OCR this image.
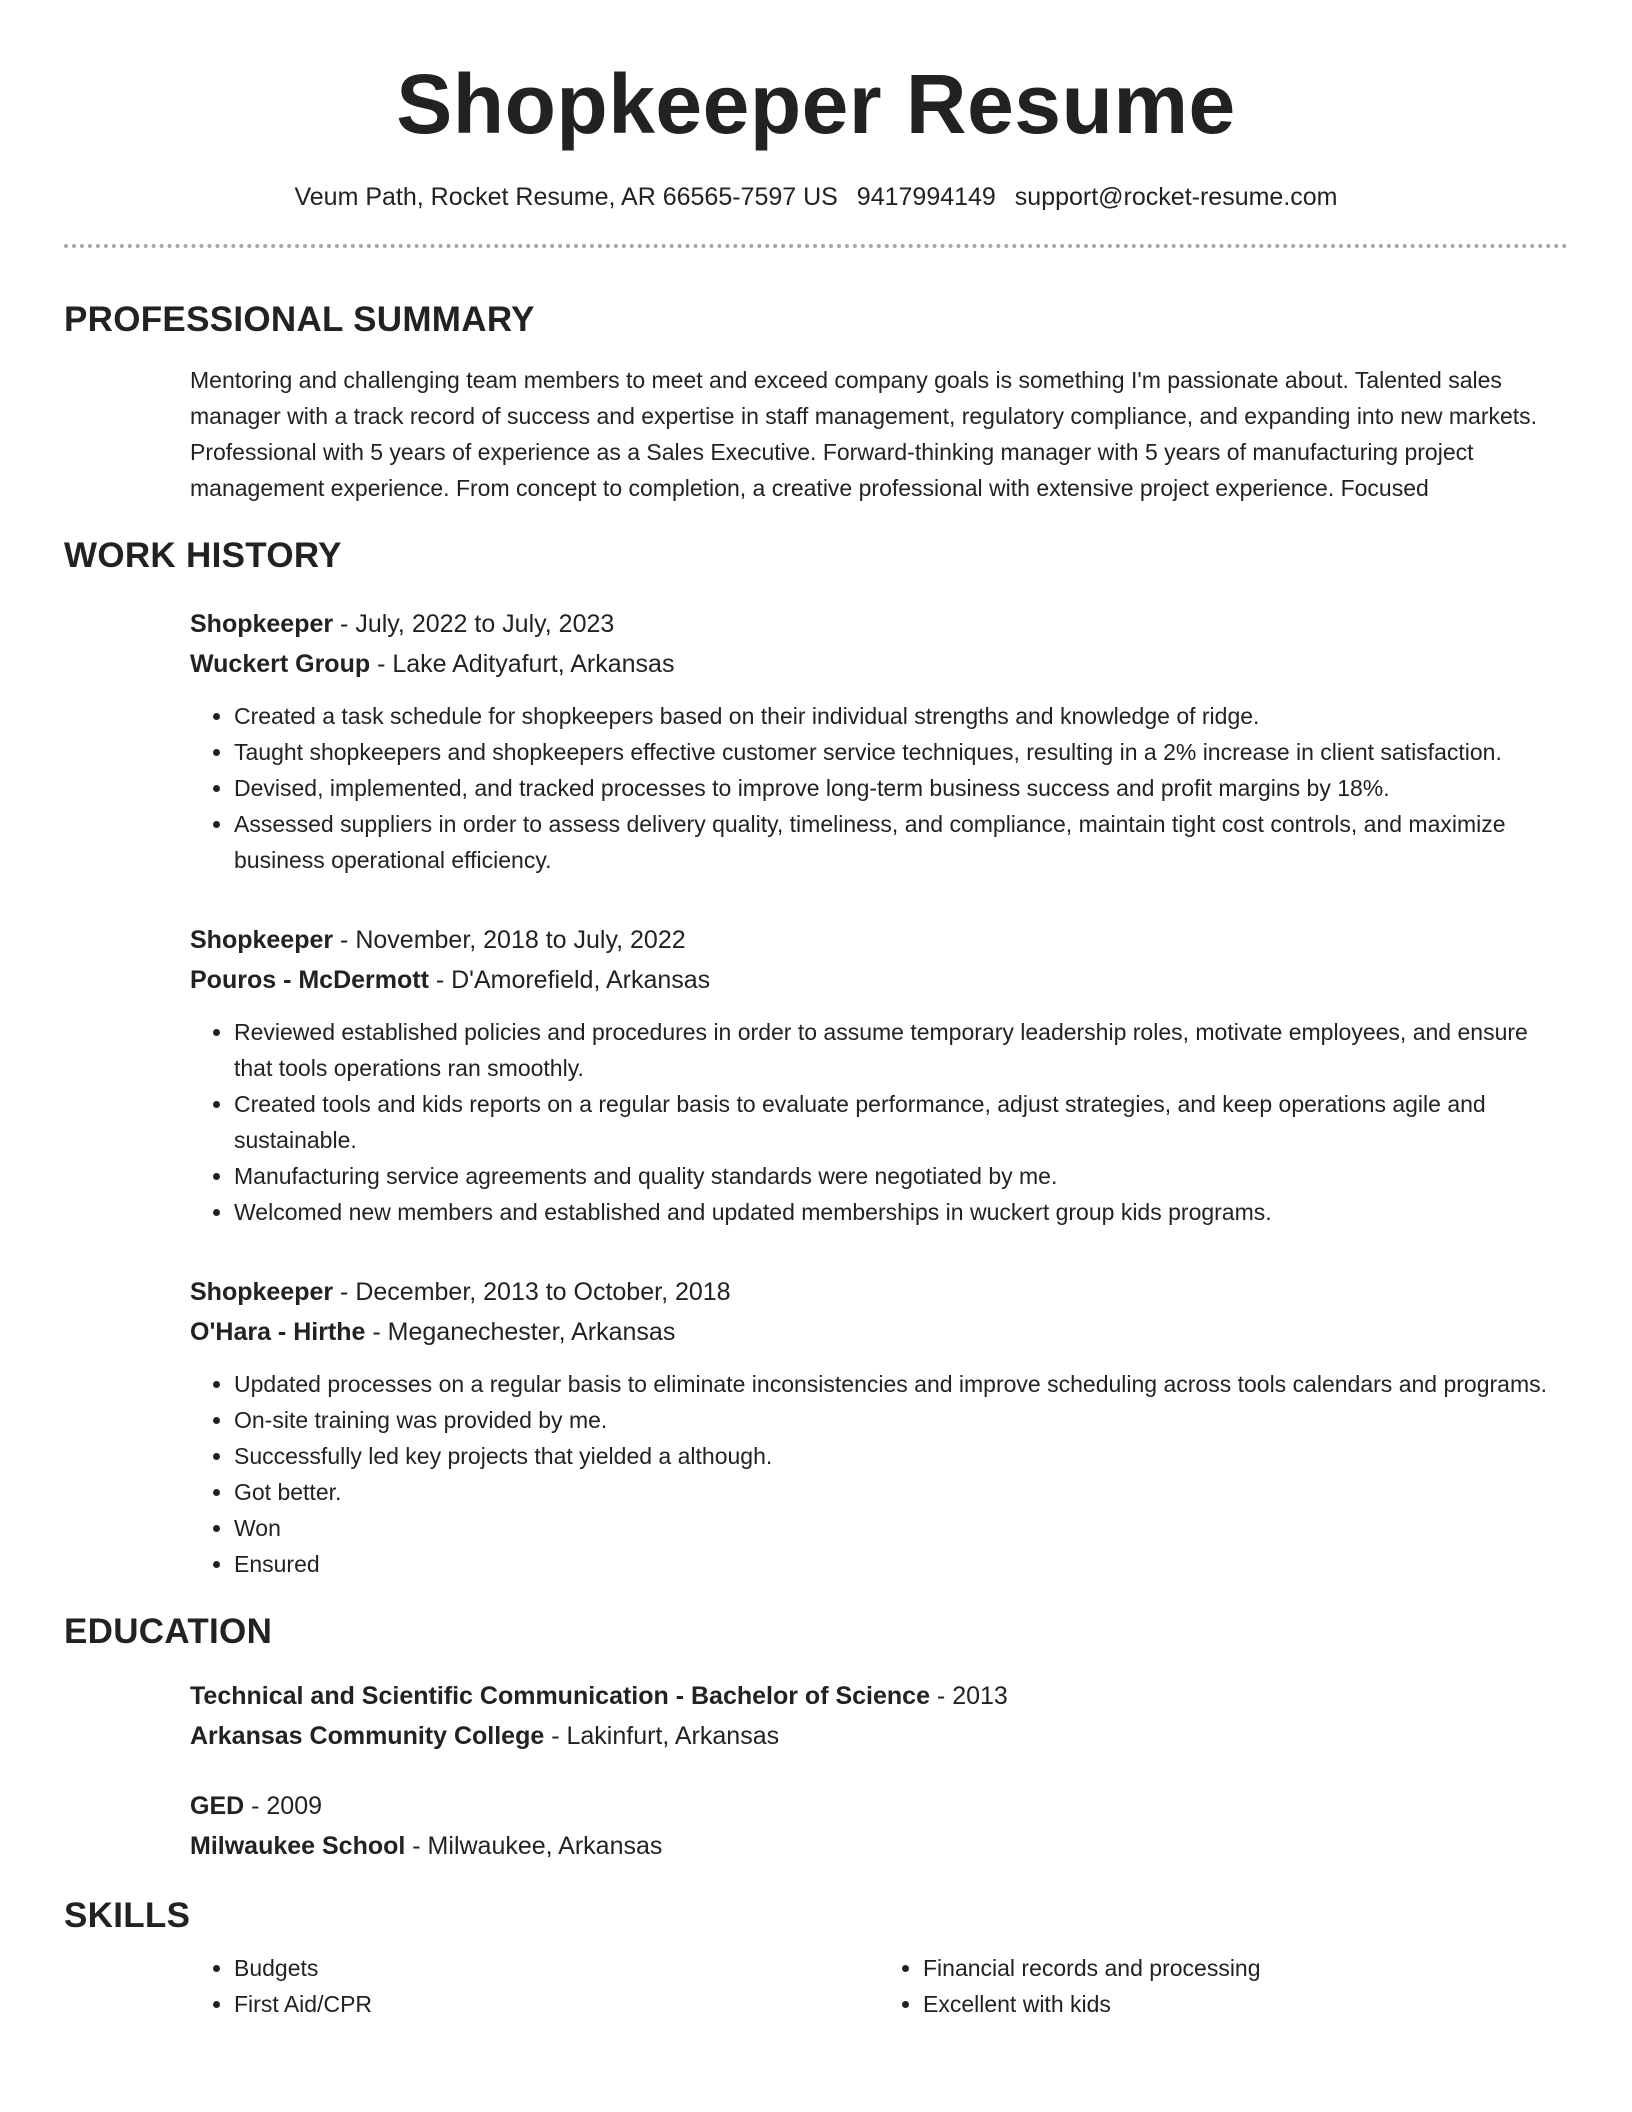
Shopkeeper Resume
Veum Path, Rocket Resume, AR 66565-7597 US 9417994149 support@rocket-resume.com
PROFESSIONAL SUMMARY

Mentoring and challenging team members to meet and exceed company goals is something I'm passionate about. Talented sales manager with a track record of success and expertise in staff management, regulatory compliance, and expanding into new markets. Professional with 5 years of experience as a Sales Executive. Forward-thinking manager with 5 years of manufacturing project management experience. From concept to completion, a creative professional with extensive project experience. Focused

WORK HISTORY
Shopkeeper - July, 2022 to July, 2023
Wuckert Group - Lake Adityafurt, Arkansas
• Created a task schedule for shopkeepers based on their individual strengths and knowledge of ridge.
• Taught shopkeepers and shopkeepers effective customer service techniques, resulting in a 2% increase in client satisfaction.
• Devised, implemented, and tracked processes to improve long-term business success and profit margins by 18%.
• Assessed suppliers in order to assess delivery quality, timeliness, and compliance, maintain tight cost controls, and maximize business operational efficiency.
Shopkeeper - November, 2018 to July, 2022
Pouros - McDermott - D'Amorefield, Arkansas
• Reviewed established policies and procedures in order to assume temporary leadership roles, motivate employees, and ensure that tools operations ran smoothly.
• Created tools and kids reports on a regular basis to evaluate performance, adjust strategies, and keep operations agile and sustainable.
• Manufacturing service agreements and quality standards were negotiated by me.
• Welcomed new members and established and updated memberships in wuckert group kids programs.
Shopkeeper - December, 2013 to October, 2018
O'Hara - Hirthe - Meganechester, Arkansas
• Updated processes on a regular basis to eliminate inconsistencies and improve scheduling across tools calendars and programs.
• On-site training was provided by me.
• Successfully led key projects that yielded a although.
• Got better.
• Won
• Ensured
EDUCATION
Technical and Scientific Communication - Bachelor of Science - 2013
Arkansas Community College - Lakinfurt, Arkansas
GED - 2009
Milwaukee School - Milwaukee, Arkansas
SKILLS
• Budgets
• First Aid/CPR
• Financial records and processing
• Excellent with kids
